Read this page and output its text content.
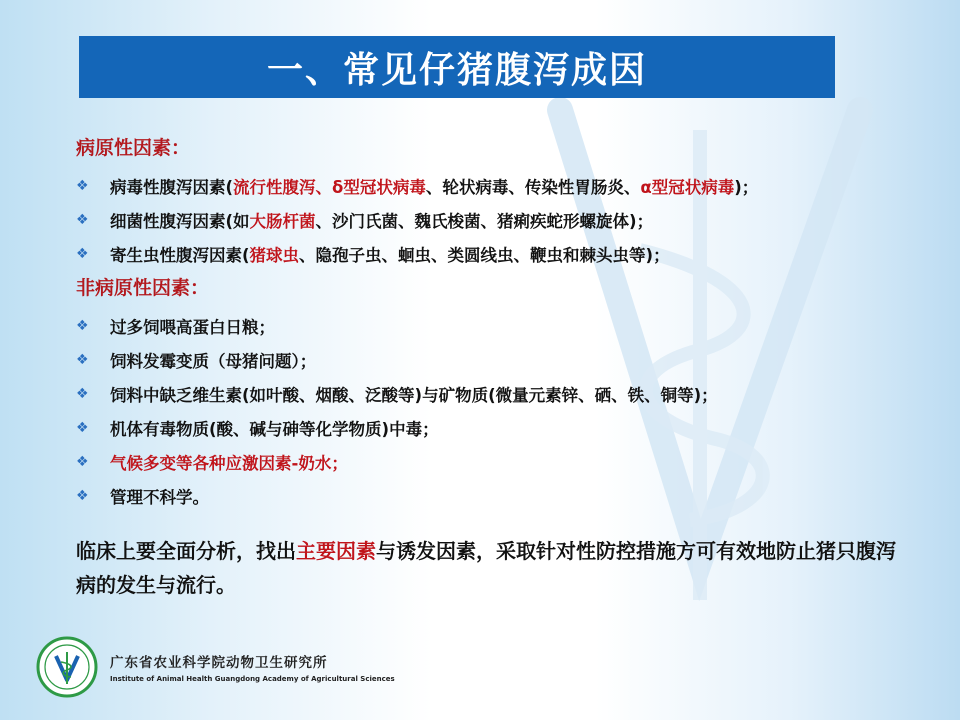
一、常见仔猪腹泻成因
病原性因素：
❖	病毒性腹泻因素(流行性腹泻、δ型冠状病毒、轮状病毒、传染性胃肠炎、α型冠状病毒)；
❖	细菌性腹泻因素(如大肠杆菌、沙门氏菌、魏氏梭菌、猪痢疾蛇形螺旋体)；
❖	寄生虫性腹泻因素(猪球虫、隐孢子虫、蛔虫、类圆线虫、鞭虫和棘头虫等)；
非病原性因素：
❖	过多饲喂高蛋白日粮；
❖	饲料发霉变质（母猪问题）；
❖	饲料中缺乏维生素(如叶酸、烟酸、泛酸等)与矿物质(微量元素锌、硒、铁、铜等)；
❖	机体有毒物质(酸、碱与砷等化学物质)中毒；
❖	气候多变等各种应激因素-奶水；
❖	管理不科学。
临床上要全面分析，找出主要因素与诱发因素，采取针对性防控措施方可有效地防止猪只腹泻病的发生与流行。
广东省农业科学院动物卫生研究所
Institute of Animal Health Guangdong Academy of Agricultural Sciences
